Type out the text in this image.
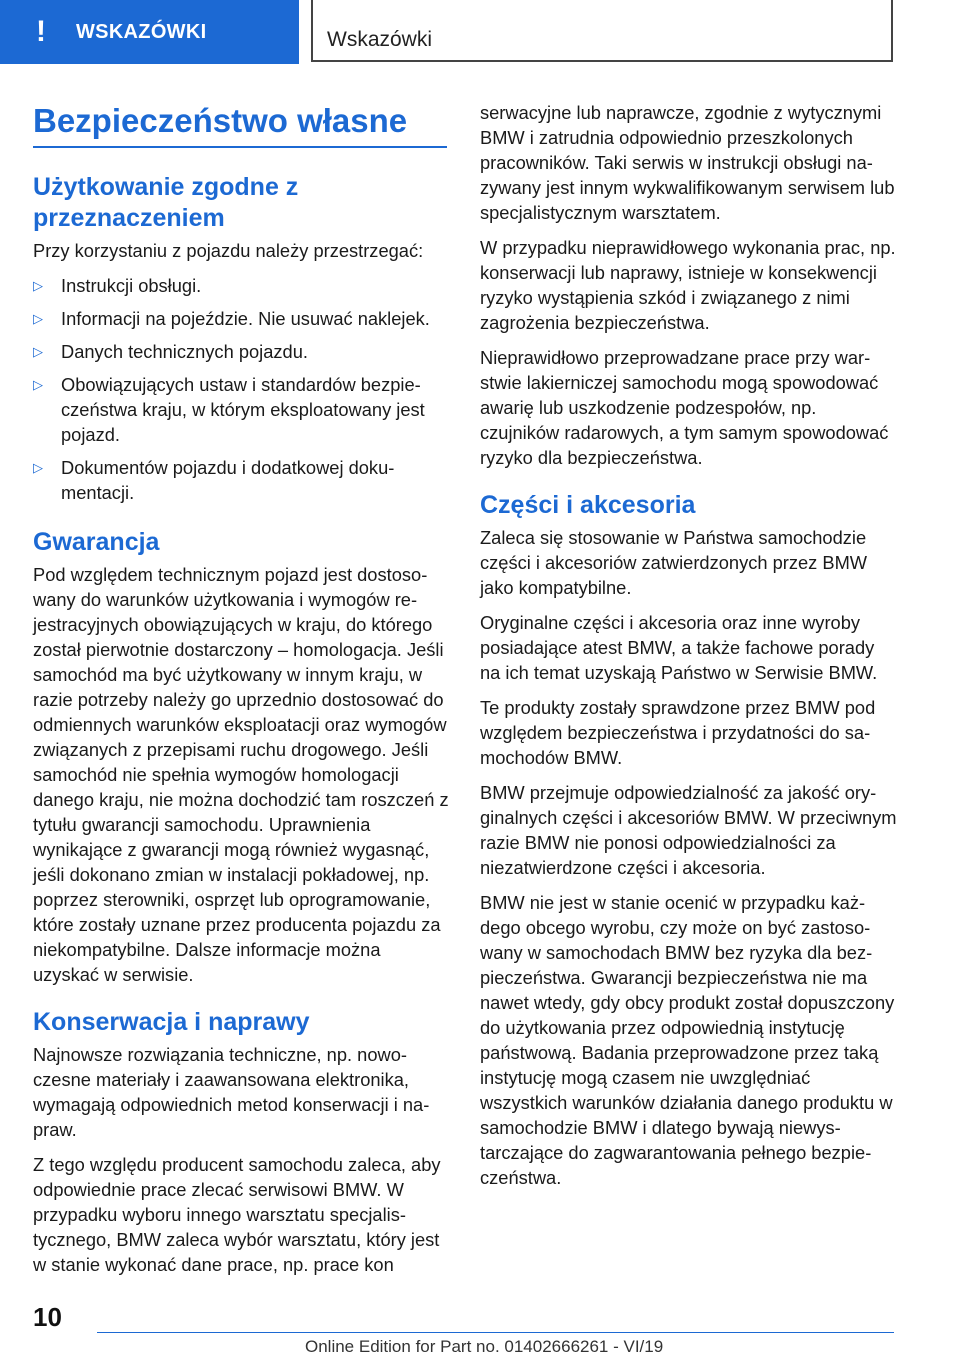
! WSKAZÓWKI	Wskazówki
Bezpieczeństwo własne
Użytkowanie zgodne z przeznaczeniem

Przy korzystaniu z pojazdu należy przestrzegać:

▷ Instrukcji obsługi.
▷ Informacji na pojeździe. Nie usuwać naklejek.
▷ Danych technicznych pojazdu.
▷ Obowiązujących ustaw i standardów bezpieczeństwa kraju, w którym eksploatowany jest pojazd.
▷ Dokumentów pojazdu i dodatkowej dokumentacji.
Gwarancja

Pod względem technicznym pojazd jest dostosowany do warunków użytkowania i wymogów rejestracyjnych obowiązujących w kraju, do którego został pierwotnie dostarczony – homologacja. Jeśli samochód ma być użytkowany w innym kraju, w razie potrzeby należy go uprzednio dostosować do odmiennych warunków eksploatacji oraz wymogów związanych z przepisami ruchu drogowego. Jeśli samochód nie spełnia wymogów homologacji danego kraju, nie można dochodzić tam roszczeń z tytułu gwarancji samochodu. Uprawnienia wynikające z gwarancji mogą również wygasnąć, jeśli dokonano zmian w instalacji pokładowej, np. poprzez sterowniki, osprzęt lub oprogramowanie, które zostały uznane przez producenta pojazdu za niekompatybilne. Dalsze informacje można uzyskać w serwisie.

Konserwacja i naprawy

Najnowsze rozwiązania techniczne, np. nowoczesne materiały i zaawansowana elektronika, wymagają odpowiednich metod konserwacji i napraw.

Z tego względu producent samochodu zaleca, aby odpowiednie prace zlecać serwisowi BMW. W przypadku wyboru innego warsztatu specjalistycznego, BMW zaleca wybór warsztatu, który jest w stanie wykonać dane prace, np. prace kon

serwacyjne lub naprawcze, zgodnie z wytycznymi BMW i zatrudnia odpowiednio przeszkolonych pracowników. Taki serwis w instrukcji obsługi nazywany jest innym wykwalifikowanym serwisem lub specjalistycznym warsztatem.

W przypadku nieprawidłowego wykonania prac, np. konserwacji lub naprawy, istnieje w konsekwencji ryzyko wystąpienia szkód i związanego z nimi zagrożenia bezpieczeństwa.

Nieprawidłowo przeprowadzane prace przy warstwie lakierniczej samochodu mogą spowodować awarię lub uszkodzenie podzespołów, np. czujników radarowych, a tym samym spowodować ryzyko dla bezpieczeństwa.

Części i akcesoria

Zaleca się stosowanie w Państwa samochodzie części i akcesoriów zatwierdzonych przez BMW jako kompatybilne.

Oryginalne części i akcesoria oraz inne wyroby posiadające atest BMW, a także fachowe porady na ich temat uzyskają Państwo w Serwisie BMW.

Te produkty zostały sprawdzone przez BMW pod względem bezpieczeństwa i przydatności do samochodów BMW.

BMW przejmuje odpowiedzialność za jakość oryginalnych części i akcesoriów BMW. W przeciwnym razie BMW nie ponosi odpowiedzialności za niezatwierdzone części i akcesoria.

BMW nie jest w stanie ocenić w przypadku każdego obcego wyrobu, czy może on być zastosowany w samochodach BMW bez ryzyka dla bezpieczeństwa. Gwarancji bezpieczeństwa nie ma nawet wtedy, gdy obcy produkt został dopuszczony do użytkowania przez odpowiednią instytucję państwową. Badania przeprowadzone przez taką instytucję mogą czasem nie uwzględniać wszystkich warunków działania danego produktu w samochodzie BMW i dlatego bywają niewystarczające do zagwarantowania pełnego bezpieczeństwa.

10
Online Edition for Part no. 01402666261 - VI/19
